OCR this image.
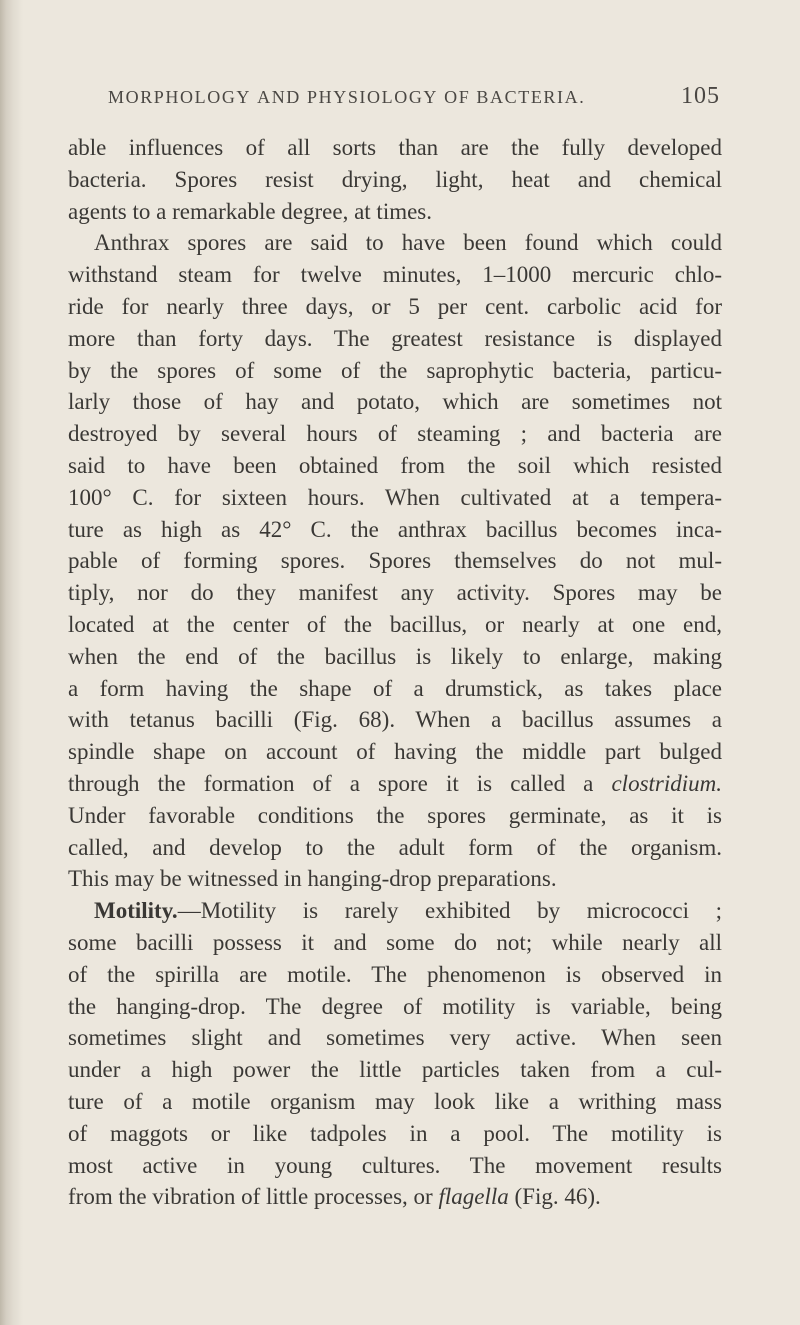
morphology and physiology of bacteria.	105
able influences of all sorts than are the fully developed
bacteria. Spores resist drying, light, heat and chemical
agents to a remarkable degree, at times.
Anthrax spores are said to have been found which could
withstand steam for twelve minutes, 1–1000 mercuric chlo-
ride for nearly three days, or 5 per cent. carbolic acid for
more than forty days. The greatest resistance is displayed
by the spores of some of the saprophytic bacteria, particu-
larly those of hay and potato, which are sometimes not
destroyed by several hours of steaming ; and bacteria are
said to have been obtained from the soil which resisted
100° C. for sixteen hours. When cultivated at a tempera-
ture as high as 42° C. the anthrax bacillus becomes inca-
pable of forming spores. Spores themselves do not mul-
tiply, nor do they manifest any activity. Spores may be
located at the center of the bacillus, or nearly at one end,
when the end of the bacillus is likely to enlarge, making
a form having the shape of a drumstick, as takes place
with tetanus bacilli (Fig. 68). When a bacillus assumes a
spindle shape on account of having the middle part bulged
through the formation of a spore it is called a clostridium.
Under favorable conditions the spores germinate, as it is
called, and develop to the adult form of the organism.
This may be witnessed in hanging-drop preparations.
Motility.—Motility is rarely exhibited by micrococci ;
some bacilli possess it and some do not; while nearly all
of the spirilla are motile. The phenomenon is observed in
the hanging-drop. The degree of motility is variable, being
sometimes slight and sometimes very active. When seen
under a high power the little particles taken from a cul-
ture of a motile organism may look like a writhing mass
of maggots or like tadpoles in a pool. The motility is
most active in young cultures. The movement results
from the vibration of little processes, or flagella (Fig. 46).
